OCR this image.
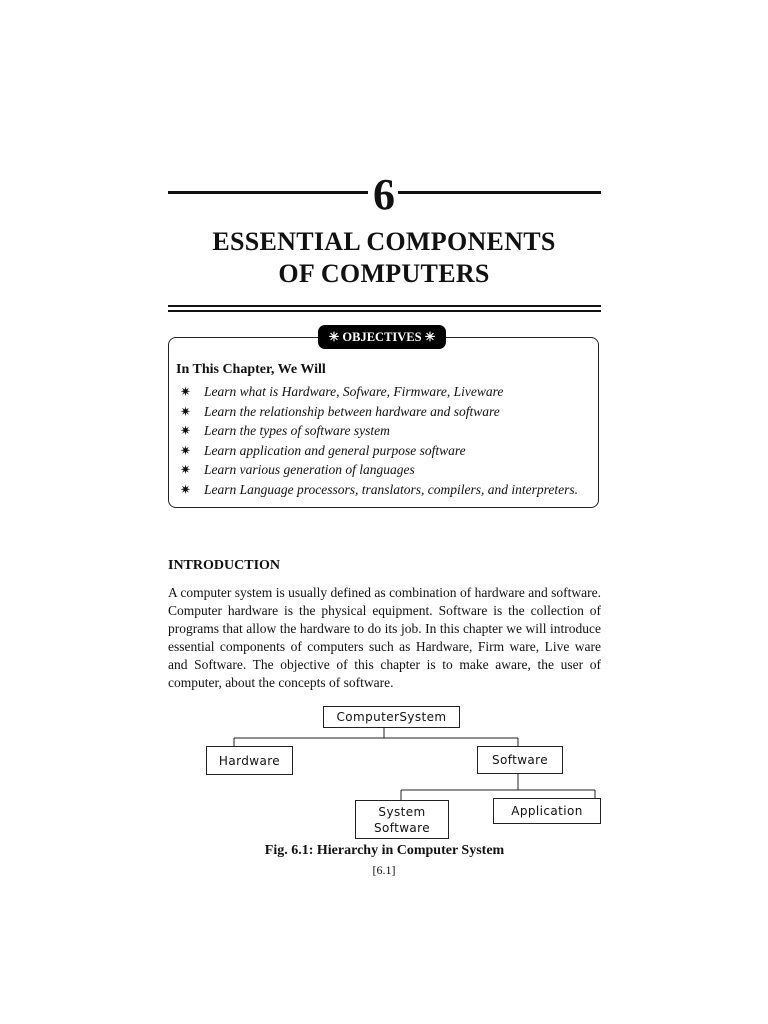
6
ESSENTIAL COMPONENTS
OF COMPUTERS
✳ OBJECTIVES ✳
In This Chapter, We Will
✷ Learn what is Hardware, Sofware, Firmware, Liveware
✷ Learn the relationship between hardware and software
✷ Learn the types of software system
✷ Learn application and general purpose software
✷ Learn various generation of languages
✷ Learn Language processors, translators, compilers, and interpreters.
INTRODUCTION

A computer system is usually defined as combination of hardware and software. Computer hardware is the physical equipment. Software is the collection of programs that allow the hardware to do its job. In this chapter we will introduce essential components of computers such as Hardware, Firm ware, Live ware and Software. The objective of this chapter is to make aware, the user of computer, about the concepts of software.

ComputerSystem
Hardware	Software
System
Software
Application
Fig. 6.1: Hierarchy in Computer System
[6.1]
